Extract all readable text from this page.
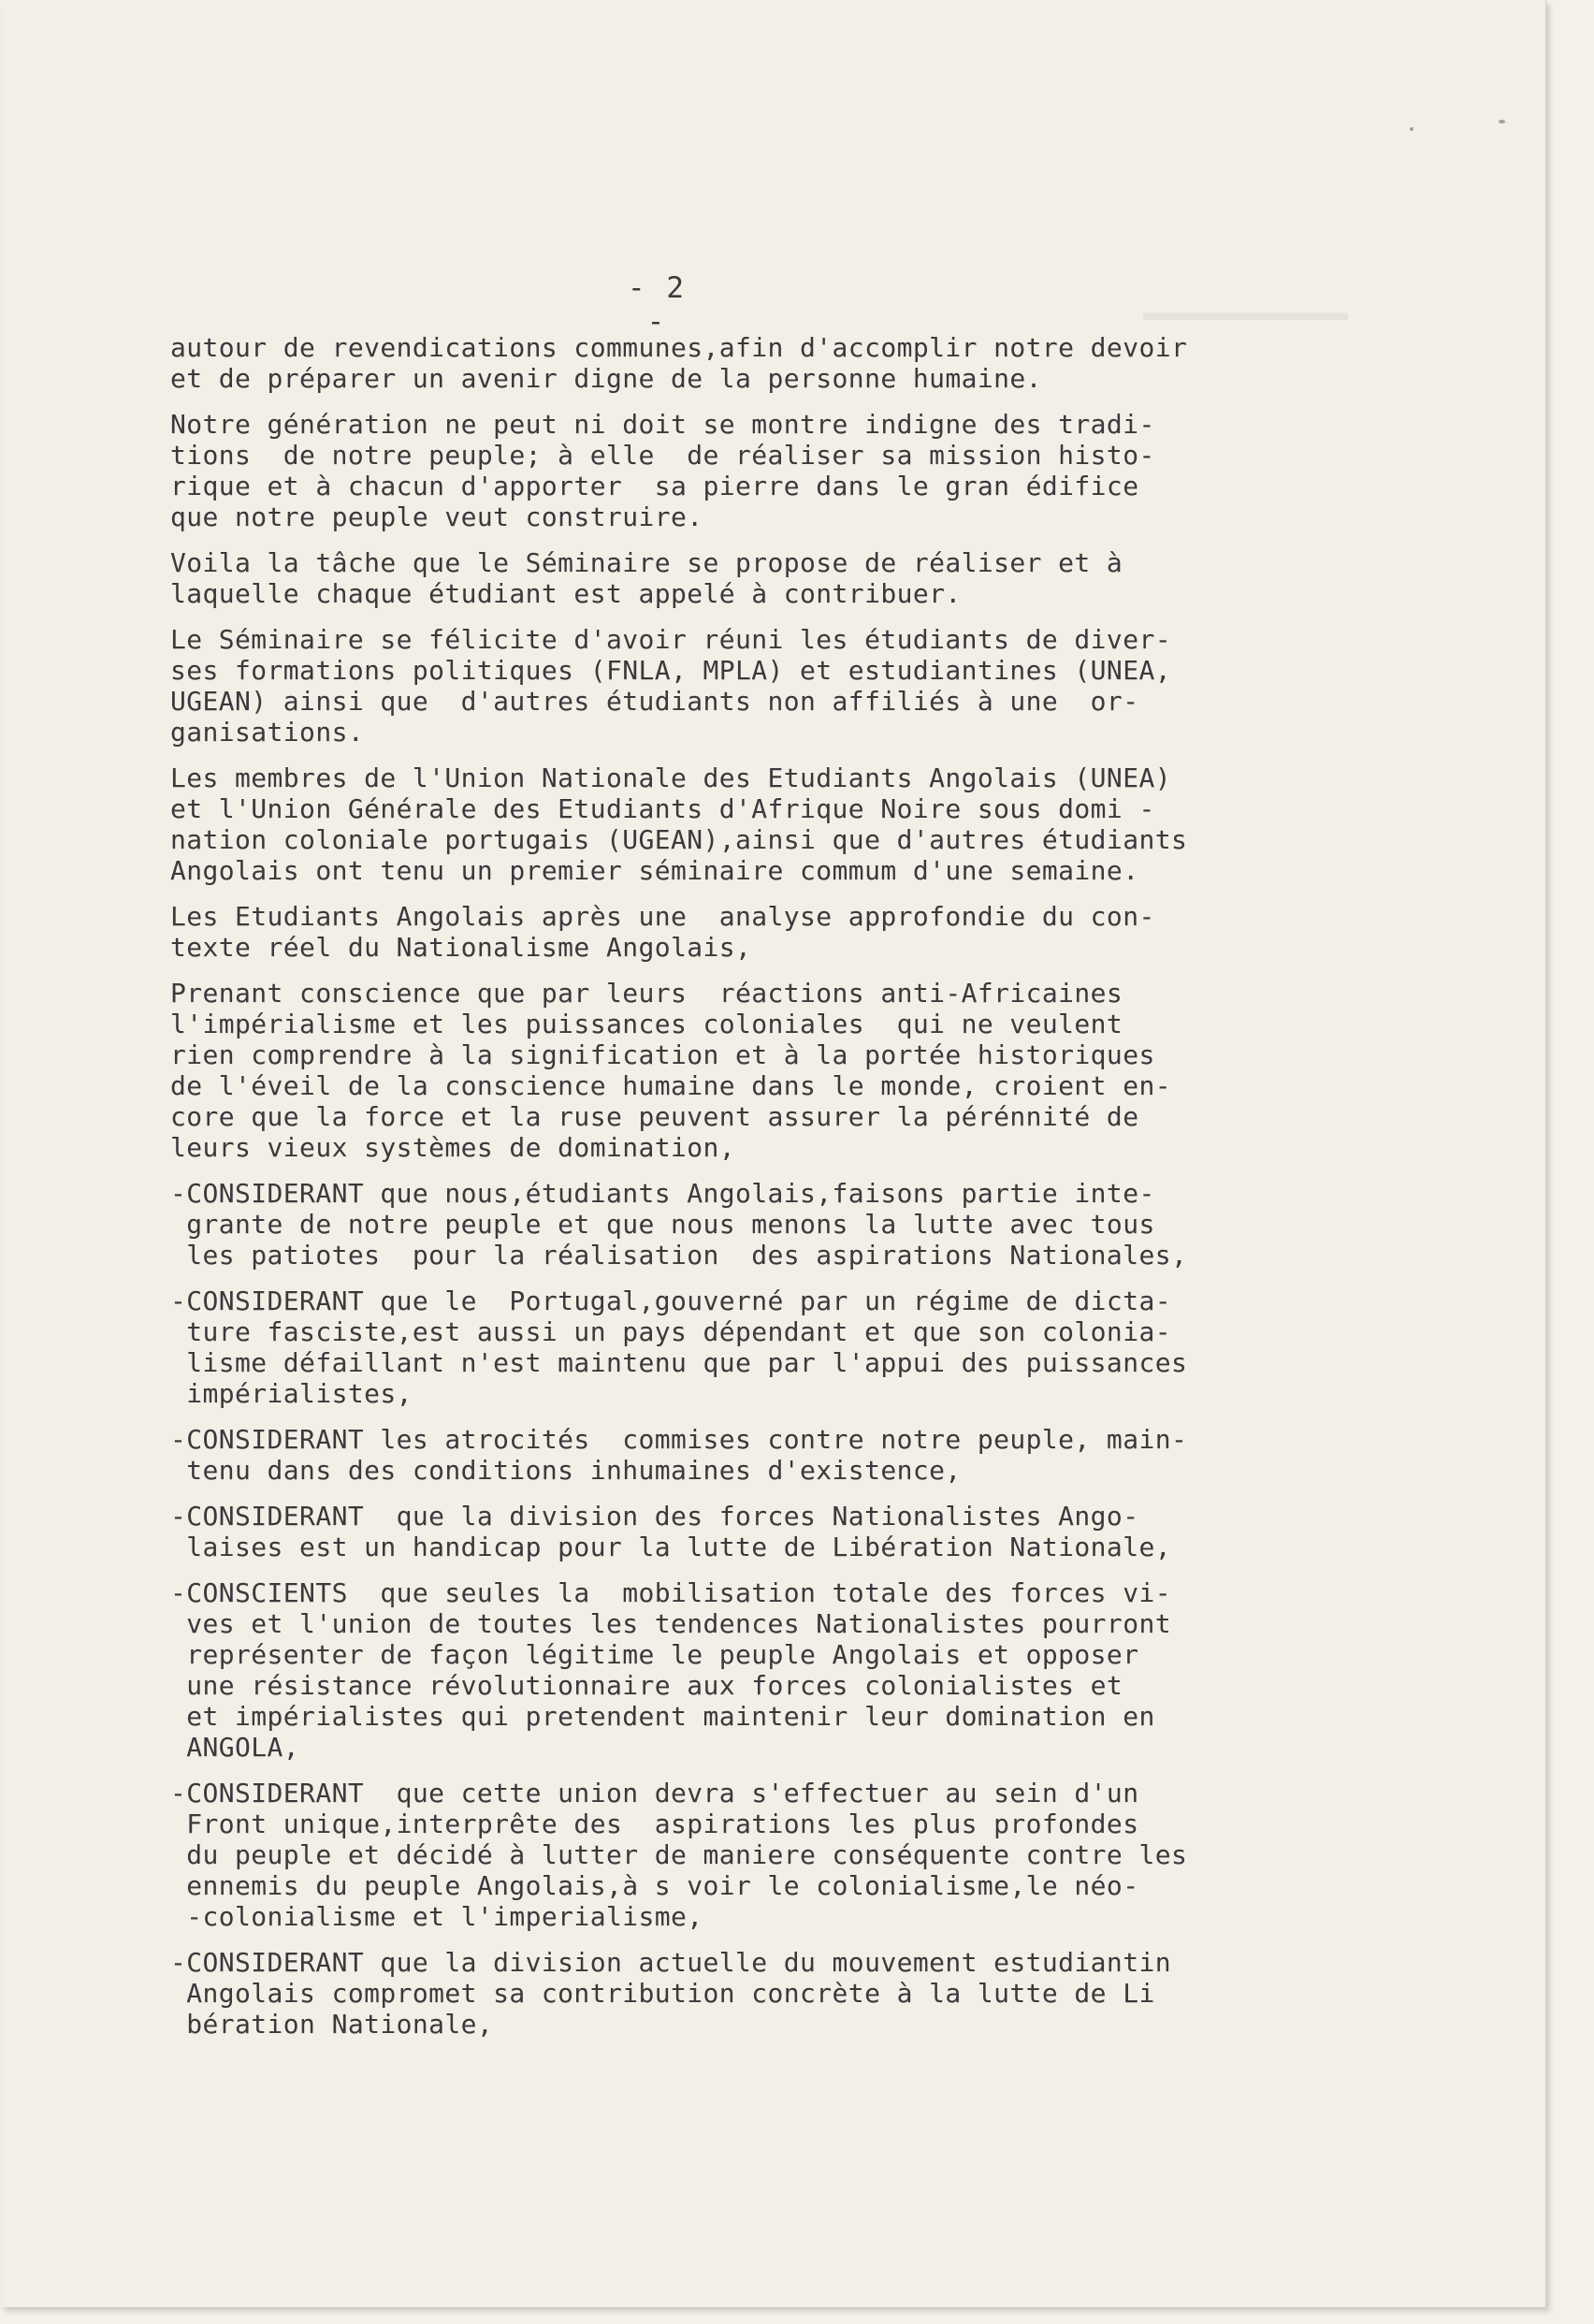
▬▬▬▬▬▬▬▬▬▬▬▬▬▬
- 2 -
autour de revendications communes,afin d'accomplir notre devoir
et de préparer un avenir digne de la personne humaine.
Notre génération ne peut ni doit se montre indigne des tradi-
tions  de notre peuple; à elle  de réaliser sa mission histo-
rique et à chacun d'apporter  sa pierre dans le gran édifice
que notre peuple veut construire.
Voila la tâche que le Séminaire se propose de réaliser et à
laquelle chaque étudiant est appelé à contribuer.
Le Séminaire se félicite d'avoir réuni les étudiants de diver-
ses formations politiques (FNLA, MPLA) et estudiantines (UNEA,
UGEAN) ainsi que  d'autres étudiants non affiliés à une  or-
ganisations.
Les membres de l'Union Nationale des Etudiants Angolais (UNEA)
et l'Union Générale des Etudiants d'Afrique Noire sous domi -
nation coloniale portugais (UGEAN),ainsi que d'autres étudiants
Angolais ont tenu un premier séminaire commum d'une semaine.
Les Etudiants Angolais après une  analyse approfondie du con-
texte réel du Nationalisme Angolais,
Prenant conscience que par leurs  réactions anti-Africaines
l'impérialisme et les puissances coloniales  qui ne veulent
rien comprendre à la signification et à la portée historiques
de l'éveil de la conscience humaine dans le monde, croient en-
core que la force et la ruse peuvent assurer la pérénnité de
leurs vieux systèmes de domination,
-CONSIDERANT que nous,étudiants Angolais,faisons partie inte-
grante de notre peuple et que nous menons la lutte avec tous
les patiotes  pour la réalisation  des aspirations Nationales,
-CONSIDERANT que le  Portugal,gouverné par un régime de dicta-
ture fasciste,est aussi un pays dépendant et que son colonia-
lisme défaillant n'est maintenu que par l'appui des puissances
impérialistes,
-CONSIDERANT les atrocités  commises contre notre peuple, main-
tenu dans des conditions inhumaines d'existence,
-CONSIDERANT  que la division des forces Nationalistes Ango-
laises est un handicap pour la lutte de Libération Nationale,
-CONSCIENTS  que seules la  mobilisation totale des forces vi-
ves et l'union de toutes les tendences Nationalistes pourront
représenter de façon légitime le peuple Angolais et opposer
une résistance révolutionnaire aux forces colonialistes et
et impérialistes qui pretendent maintenir leur domination en
ANGOLA,
-CONSIDERANT  que cette union devra s'effectuer au sein d'un
Front unique,interprête des  aspirations les plus profondes
du peuple et décidé à lutter de maniere conséquente contre les
ennemis du peuple Angolais,à s voir le colonialisme,le néo-
-colonialisme et l'imperialisme,
-CONSIDERANT que la division actuelle du mouvement estudiantin
Angolais compromet sa contribution concrète à la lutte de Li
bération Nationale,
